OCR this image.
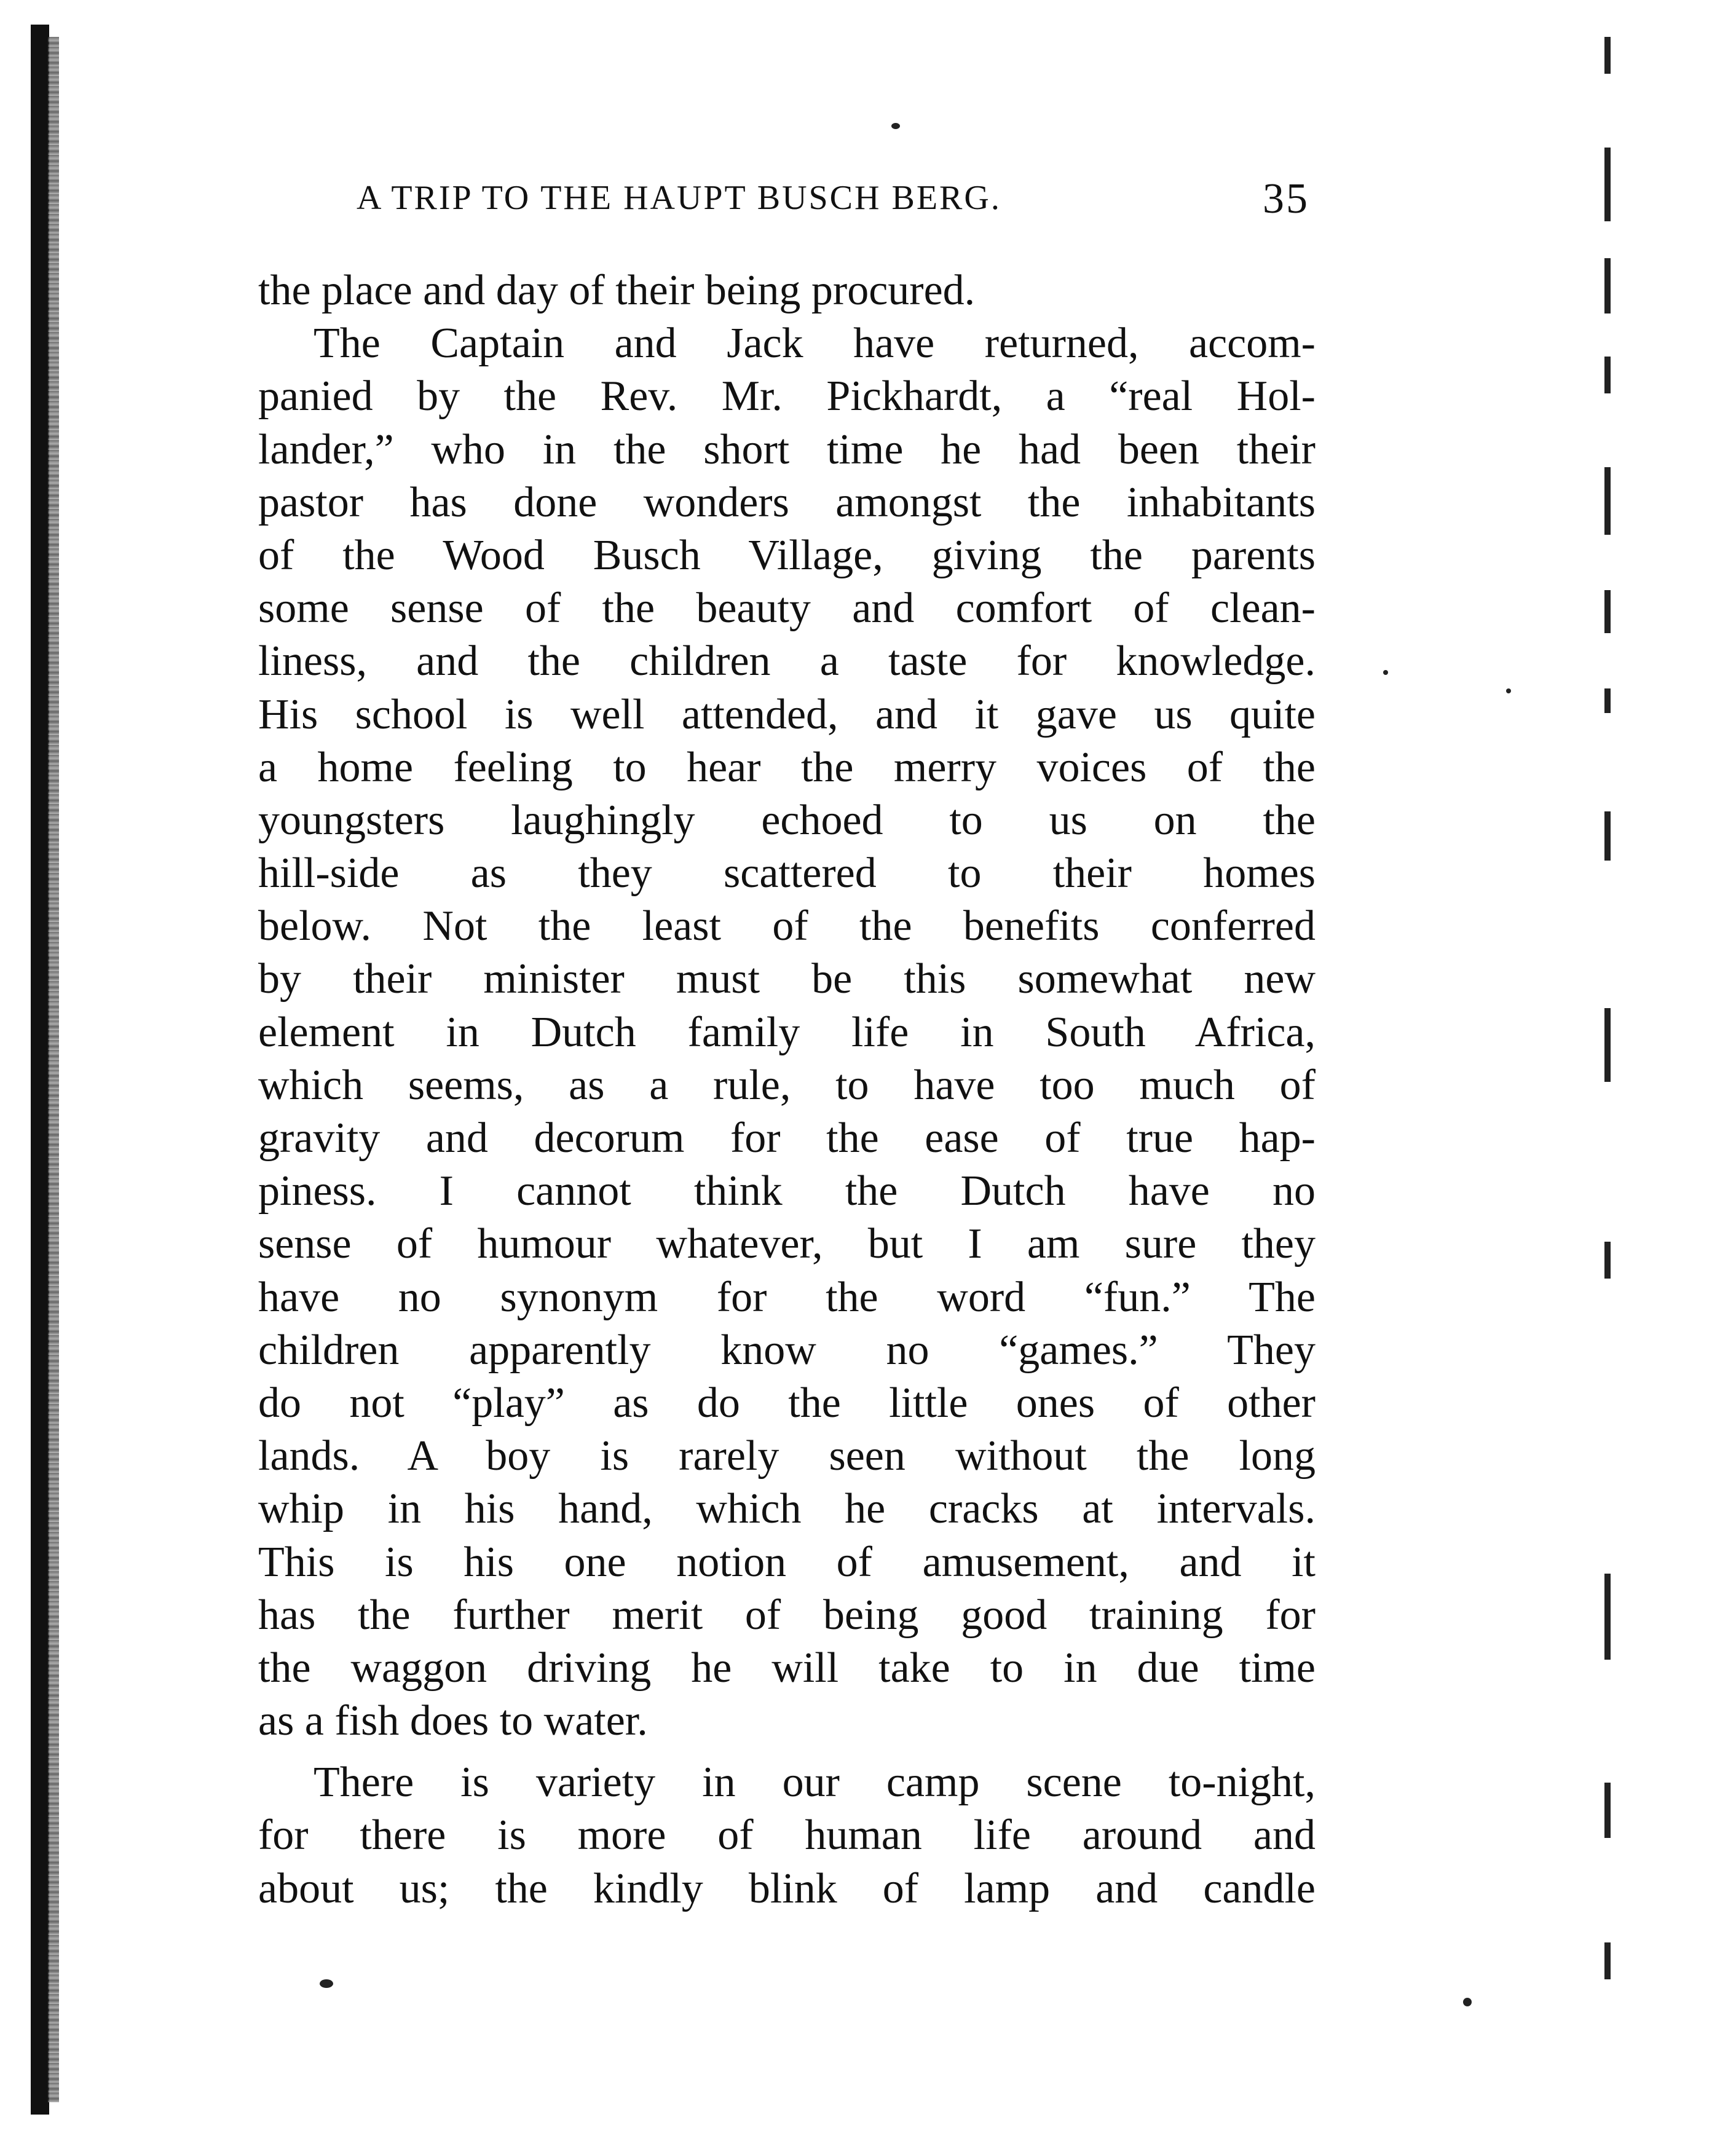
A TRIP TO THE HAUPT BUSCH BERG.	35
the place and day of their being procured.
The Captain and Jack have returned, accom-
panied by the Rev. Mr. Pickhardt, a “real Hol-
lander,” who in the short time he had been their
pastor has done wonders amongst the inhabitants
of the Wood Busch Village, giving the parents
some sense of the beauty and comfort of clean-
liness, and the children a taste for knowledge.
His school is well attended, and it gave us quite
a home feeling to hear the merry voices of the
youngsters laughingly echoed to us on the
hill-side as they scattered to their homes
below. Not the least of the benefits conferred
by their minister must be this somewhat new
element in Dutch family life in South Africa,
which seems, as a rule, to have too much of
gravity and decorum for the ease of true hap-
piness. I cannot think the Dutch have no
sense of humour whatever, but I am sure they
have no synonym for the word “fun.” The
children apparently know no “games.” They
do not “play” as do the little ones of other
lands. A boy is rarely seen without the long
whip in his hand, which he cracks at intervals.
This is his one notion of amusement, and it
has the further merit of being good training for
the waggon driving he will take to in due time
as a fish does to water.
There is variety in our camp scene to-night,
for there is more of human life around and
about us; the kindly blink of lamp and candle
